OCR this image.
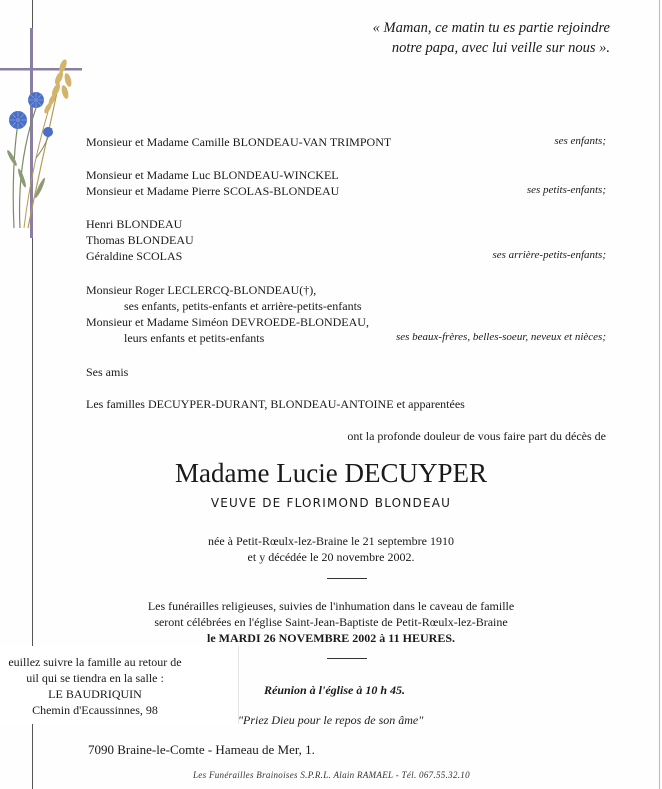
« Maman, ce matin tu es partie rejoindre
notre papa, avec lui veille sur nous ».
Monsieur et Madame Camille BLONDEAU-VAN TRIMPONT	ses enfants;
Monsieur et Madame Luc BLONDEAU-WINCKEL
Monsieur et Madame Pierre SCOLAS-BLONDEAU	ses petits-enfants;
Henri BLONDEAU
Thomas BLONDEAU
Géraldine SCOLAS	ses arrière-petits-enfants;
Monsieur Roger LECLERCQ-BLONDEAU(†),
ses enfants, petits-enfants et arrière-petits-enfants
Monsieur et Madame Siméon DEVROEDE-BLONDEAU,
leurs enfants et petits-enfants	ses beaux-frères, belles-soeur, neveux et nièces;
Ses amis
Les familles DECUYPER-DURANT, BLONDEAU-ANTOINE et apparentées
ont la profonde douleur de vous faire part du décès de
Madame Lucie DECUYPER
VEUVE DE FLORIMOND BLONDEAU
née à Petit-Rœulx-lez-Braine le 21 septembre 1910
et y décédée le 20 novembre 2002.
Les funérailles religieuses, suivies de l'inhumation dans le caveau de famille
seront célébrées en l'église Saint-Jean-Baptiste de Petit-Rœulx-lez-Braine
le MARDI 26 NOVEMBRE 2002 à 11 HEURES.
euillez suivre la famille au retour de
uil qui se tiendra en la salle :
LE BAUDRIQUIN
Chemin d'Ecaussinnes, 98
Réunion à l'église à 10 h 45.
"Priez Dieu pour le repos de son âme"
7090 Braine-le-Comte - Hameau de Mer, 1.
Les Funérailles Brainoises S.P.R.L. Alain RAMAEL - Tél. 067.55.32.10
